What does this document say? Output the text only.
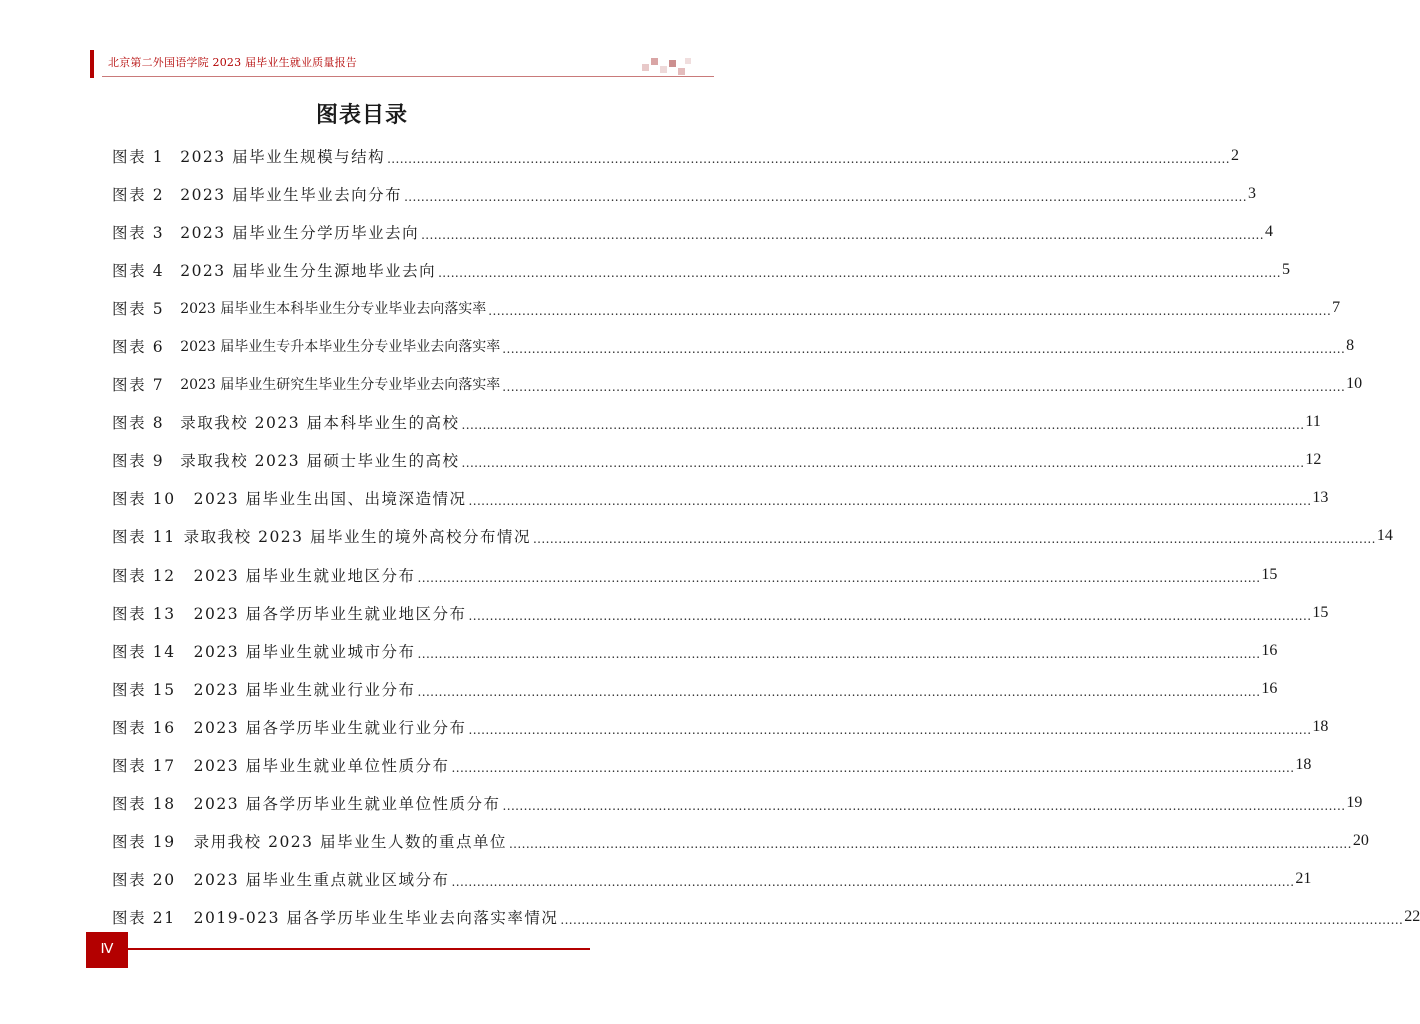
北京第二外国语学院 2023 届毕业生就业质量报告
图表目录
图表 1 2023 届毕业生规模与结构 ........................................................................................................................................................................................................ 2
图表 2 2023 届毕业生毕业去向分布 ........................................................................................................................................................................................................ 3
图表 3 2023 届毕业生分学历毕业去向 ........................................................................................................................................................................................................ 4
图表 4 2023 届毕业生分生源地毕业去向 ........................................................................................................................................................................................................ 5
图表 5 2023 届毕业生本科毕业生分专业毕业去向落实率 ........................................................................................................................................................................................................ 7
图表 6 2023 届毕业生专升本毕业生分专业毕业去向落实率 ........................................................................................................................................................................................................ 8
图表 7 2023 届毕业生研究生毕业生分专业毕业去向落实率 ........................................................................................................................................................................................................ 10
图表 8 录取我校 2023 届本科毕业生的高校 ........................................................................................................................................................................................................ 11
图表 9 录取我校 2023 届硕士毕业生的高校 ........................................................................................................................................................................................................ 12
图表 10 2023 届毕业生出国、出境深造情况 ........................................................................................................................................................................................................ 13
图表 11 录取我校 2023 届毕业生的境外高校分布情况 ........................................................................................................................................................................................................ 14
图表 12 2023 届毕业生就业地区分布 ........................................................................................................................................................................................................ 15
图表 13 2023 届各学历毕业生就业地区分布 ........................................................................................................................................................................................................ 15
图表 14 2023 届毕业生就业城市分布 ........................................................................................................................................................................................................ 16
图表 15 2023 届毕业生就业行业分布 ........................................................................................................................................................................................................ 16
图表 16 2023 届各学历毕业生就业行业分布 ........................................................................................................................................................................................................ 18
图表 17 2023 届毕业生就业单位性质分布 ........................................................................................................................................................................................................ 18
图表 18 2023 届各学历毕业生就业单位性质分布 ........................................................................................................................................................................................................ 19
图表 19 录用我校 2023 届毕业生人数的重点单位 ........................................................................................................................................................................................................ 20
图表 20 2023 届毕业生重点就业区域分布 ........................................................................................................................................................................................................ 21
图表 21 2019-023 届各学历毕业生毕业去向落实率情况 ........................................................................................................................................................................................................ 22
Ⅳ
